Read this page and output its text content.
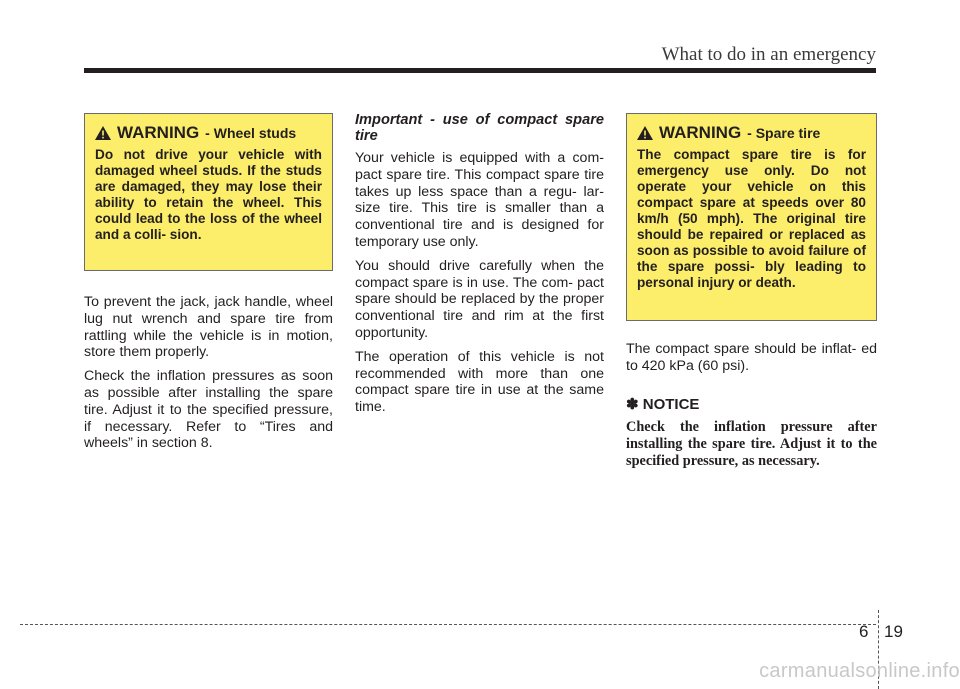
What to do in an emergency
WARNING - Wheel studs
Do not drive your vehicle with damaged wheel studs. If the studs are damaged, they may lose their ability to retain the wheel. This could lead to the loss of the wheel and a colli- sion.

To prevent the jack, jack handle, wheel lug nut wrench and spare tire from rattling while the vehicle is in motion, store them properly.

Check the inflation pressures as soon as possible after installing the spare tire. Adjust it to the specified pressure, if necessary. Refer to “Tires and wheels” in section 8.

Important - use of compact spare tire

Your vehicle is equipped with a com- pact spare tire. This compact spare tire takes up less space than a regu- lar-size tire. This tire is smaller than a conventional tire and is designed for temporary use only.

You should drive carefully when the compact spare is in use. The com- pact spare should be replaced by the proper conventional tire and rim at the first opportunity.

The operation of this vehicle is not recommended with more than one compact spare tire in use at the same time.

WARNING - Spare tire
The compact spare tire is for emergency use only. Do not operate your vehicle on this compact spare at speeds over 80 km/h (50 mph). The original tire should be repaired or replaced as soon as possible to avoid failure of the spare possi- bly leading to personal injury or death.

The compact spare should be inflat- ed to 420 kPa (60 psi).

✽ NOTICE
Check the inflation pressure after installing the spare tire. Adjust it to the specified pressure, as necessary.
6 19
carmanualsonline.info
